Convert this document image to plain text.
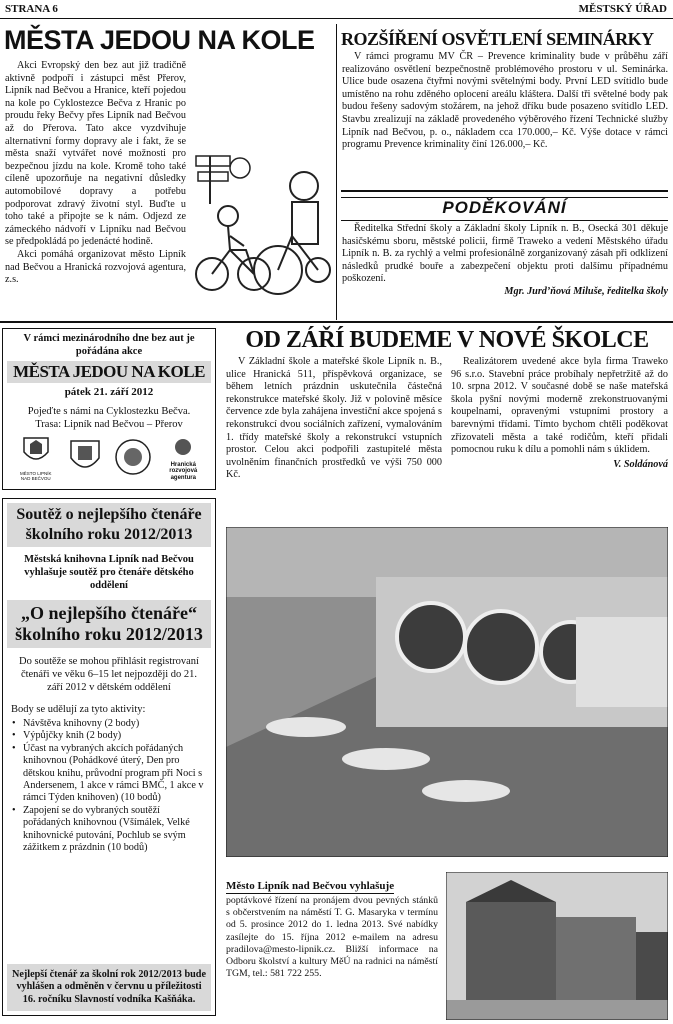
STRANA 6	MĚSTSKÝ ÚŘAD
MĚSTA JEDOU NA KOLE

Akci Evropský den bez aut již tradičně aktivně podpoří i zástupci měst Přerov, Lipník nad Bečvou a Hranice, kteří pojedou na kole po Cyklostezce Bečva z Hranic po proudu řeky Bečvy přes Lipník nad Bečvou až do Přerova. Tato akce vyzdvihuje alternativní formy dopravy ale i fakt, že se města snaží vytvářet nové možnosti pro bezpečnou jízdu na kole. Kromě toho také cíleně upozorňuje na negativní důsledky automobilové dopravy a potřebu podporovat zdravý životní styl. Buďte u toho také a připojte se k nám. Odjezd ze zámeckého nádvoří v Lipníku nad Bečvou se předpokládá po jedenácté hodině.

Akci pomáhá organizovat město Lipník nad Bečvou a Hranická rozvojová agentura, z.s.

ROZŠÍŘENÍ OSVĚTLENÍ SEMINÁRKY

V rámci programu MV ČR – Prevence kriminality bude v průběhu září realizováno osvětlení bezpečnostně problémového prostoru v ul. Seminárka. Ulice bude osazena čtyřmi novými světelnými body. První LED svítidlo bude umístěno na rohu zděného oplocení areálu kláštera. Další tři světelné body pak budou řešeny sadovým stožárem, na jehož dříku bude posazeno svítidlo LED. Stavbu zrealizují na základě provedeného výběrového řízení Technické služby Lipník nad Bečvou, p. o., nákladem cca 170.000,– Kč. Výše dotace v rámci programu Prevence kriminality činí 126.000,– Kč.

PODĚKOVÁNÍ

Ředitelka Střední školy a Základní školy Lipník n. B., Osecká 301 děkuje hasičskému sboru, městské policii, firmě Traweko a vedení Městského úřadu Lipník n. B. za rychlý a velmi profesionálně zorganizovaný zásah při odklizení následků prudké bouře a zabezpečení objektu proti dalšímu případnému poškození.

Mgr. Jurdʼňová Miluše, ředitelka školy
V rámci mezinárodního dne bez aut je pořádána akce
MĚSTA JEDOU NA KOLE
pátek 21. září 2012
Pojeďte s námi na Cyklostezku Bečva.
Trasa: Lipník nad Bečvou – Přerov
MĚSTO LIPNÍK NAD BEČVOU
Hranická rozvojová agentura
Soutěž o nejlepšího čtenáře školního roku 2012/2013
Městská knihovna Lipník nad Bečvou vyhlašuje soutěž pro čtenáře dětského oddělení
„O nejlepšího čtenáře“ školního roku 2012/2013
Do soutěže se mohou přihlásit registrovaní čtenáři ve věku 6–15 let nejpozději do 21. září 2012 v dětském oddělení
Body se udělují za tyto aktivity:
• Návštěva knihovny (2 body)
• Výpůjčky knih (2 body)
• Účast na vybraných akcích pořádaných knihovnou (Pohádkové úterý, Den pro dětskou knihu, průvodní program při Noci s Andersenem, 1 akce v rámci BMČ, 1 akce v rámci Týden knihoven) (10 bodů)
• Zapojení se do vybraných soutěží pořádaných knihovnou (Všímálek, Velké knihovnické putování, Pochlub se svým zážitkem z prázdnin (10 bodů)
Nejlepší čtenář za školní rok 2012/2013 bude vyhlášen a odměněn v červnu u příležitosti 16. ročníku Slavností vodníka Kašňáka.
OD ZÁŘÍ BUDEME V NOVÉ ŠKOLCE

V Základní škole a mateřské škole Lipník n. B., ulice Hranická 511, příspěvková organizace, se během letních prázdnin uskutečnila částečná rekonstrukce mateřské školy. Již v polovině měsíce července zde byla zahájena investiční akce spojená s rekonstrukcí dvou sociálních zařízení, vymalováním 1. třídy mateřské školy a rekonstrukcí vstupních prostor. Celou akci podpořili zastupitelé města uvolněním finančních prostředků ve výši 750 000 Kč.

Realizátorem uvedené akce byla firma Traweko 96 s.r.o. Stavební práce probíhaly nepřetržitě až do 10. srpna 2012. V současné době se naše mateřská škola pyšní novými moderně zrekonstruovanými koupelnami, opravenými vstupními prostory a barevnými třídami. Tímto bychom chtěli poděkovat zřizovateli města a také rodičům, kteří přidali pomocnou ruku k dílu a pomohli nám s úklidem.

V. Soldánová
Město Lipník nad Bečvou vyhlašuje

poptávkové řízení na pronájem dvou pevných stánků s občerstvením na náměstí T. G. Masaryka v termínu od 5. prosince 2012 do 1. ledna 2013. Své nabídky zasílejte do 15. října 2012 e-mailem na adresu pradilova@mesto-lipnik.cz. Bližší informace na Odboru školství a kultury MěÚ na radnici na náměstí TGM, tel.: 581 722 255.
